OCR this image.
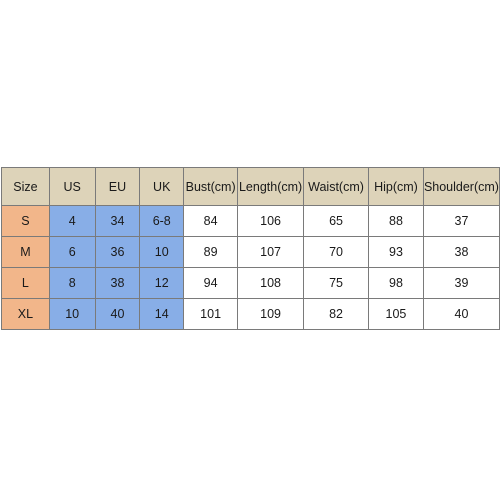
Size	US	EU	UK	Bust(cm)	Length(cm)	Waist(cm)	Hip(cm)	Shoulder(cm)
S	4	34	6-8	84	106	65	88	37
M	6	36	10	89	107	70	93	38
L	8	38	12	94	108	75	98	39
XL	10	40	14	101	109	82	105	40
